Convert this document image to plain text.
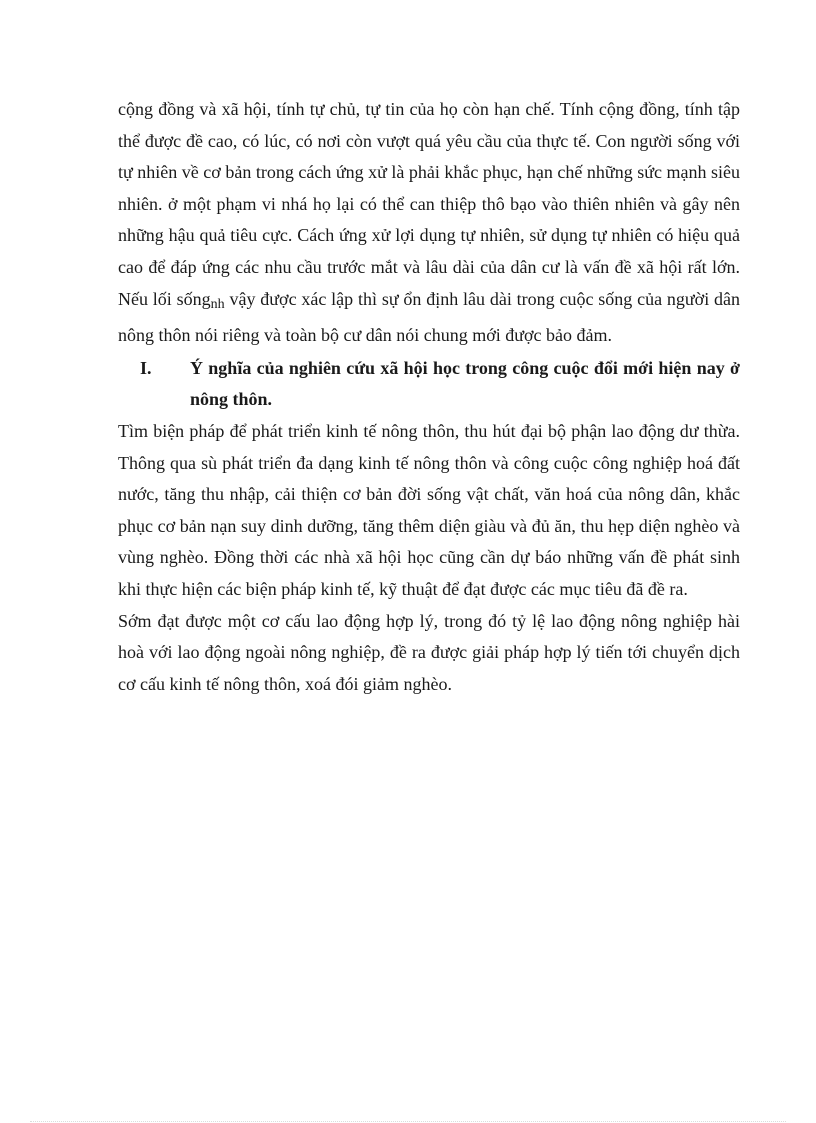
cộng đồng và xã hội, tính tự chủ, tự tin của họ còn hạn chế. Tính cộng đồng, tính tập thể được đề cao, có lúc, có nơi còn vượt quá yêu cầu của thực tế. Con người sống với tự nhiên về cơ bản trong cách ứng xử là phải khắc phục, hạn chế những sức mạnh siêu nhiên. ở một phạm vi nhá họ lại có thể can thiệp thô bạo vào thiên nhiên và gây nên những hậu quả tiêu cực. Cách ứng xử lợi dụng tự nhiên, sử dụng tự nhiên có hiệu quả cao để đáp ứng các nhu cầu trước mắt và lâu dài của dân cư là vấn đề xã hội rất lớn. Nếu lối sống$_{nh}$ vậy được xác lập thì sự ổn định lâu dài trong cuộc sống của người dân nông thôn nói riêng và toàn bộ cư dân nói chung mới được bảo đảm.

I.	Ý nghĩa của nghiên cứu xã hội học trong công cuộc đổi mới hiện nay ở nông thôn.

Tìm biện pháp để phát triển kinh tế nông thôn, thu hút đại bộ phận lao động dư thừa. Thông qua sù phát triển đa dạng kinh tế nông thôn và công cuộc công nghiệp hoá đất nước, tăng thu nhập, cải thiện cơ bản đời sống vật chất, văn hoá của nông dân, khắc phục cơ bản nạn suy dinh dưỡng, tăng thêm diện giàu và đủ ăn, thu hẹp diện nghèo và vùng nghèo. Đồng thời các nhà xã hội học cũng cần dự báo những vấn đề phát sinh khi thực hiện các biện pháp kinh tế, kỹ thuật để đạt được các mục tiêu đã đề ra.

Sớm đạt được một cơ cấu lao động hợp lý, trong đó tỷ lệ lao động nông nghiệp hài hoà với lao động ngoài nông nghiệp, đề ra được giải pháp hợp lý tiến tới chuyển dịch cơ cấu kinh tế nông thôn, xoá đói giảm nghèo.
